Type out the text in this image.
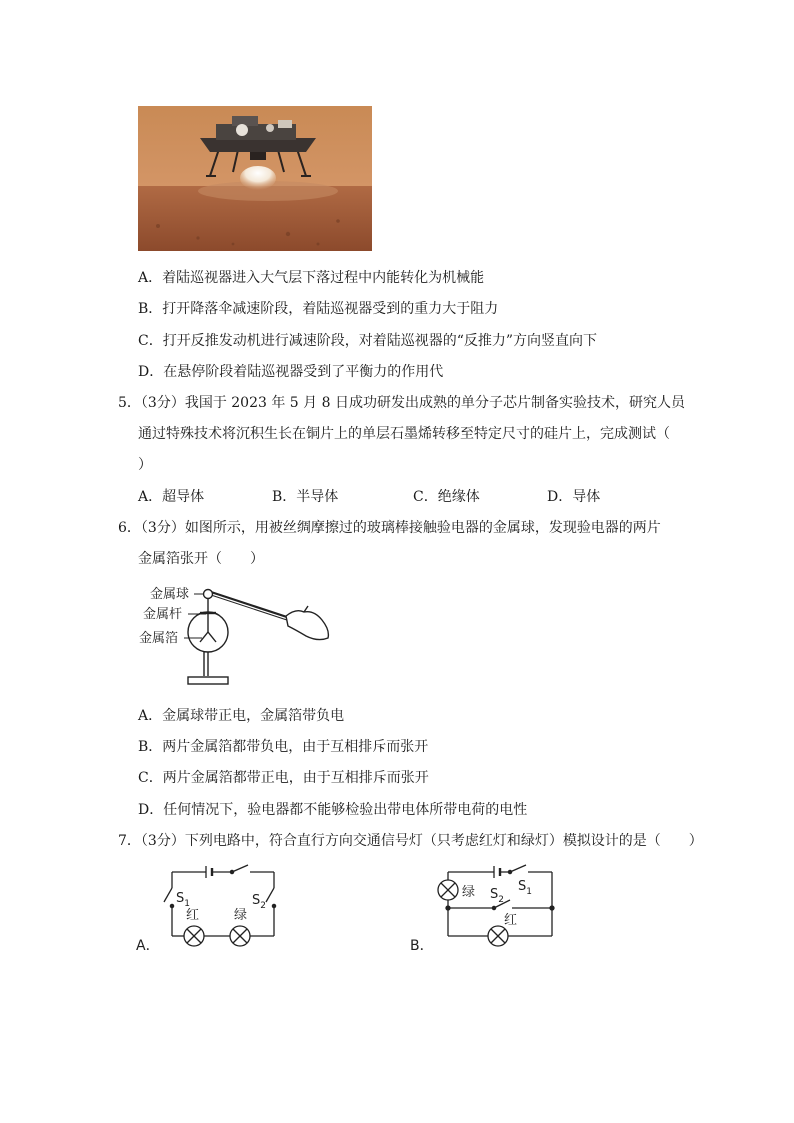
A．着陆巡视器进入大气层下落过程中内能转化为机械能
B．打开降落伞减速阶段，着陆巡视器受到的重力大于阻力
C．打开反推发动机进行减速阶段，对着陆巡视器的“反推力”方向竖直向下
D．在悬停阶段着陆巡视器受到了平衡力的作用代
5．（3分）我国于 2023 年 5 月 8 日成功研发出成熟的单分子芯片制备实验技术，研究人员
通过特殊技术将沉积生长在铜片上的单层石墨烯转移至特定尺寸的硅片上，完成测试（
）
A．超导体	B．半导体	C．绝缘体	D．导体
6．（3分）如图所示，用被丝绸摩擦过的玻璃棒接触验电器的金属球，发现验电器的两片
金属箔张开（　　）
金属球
金属杆
金属箔
A．金属球带正电，金属箔带负电
B．两片金属箔都带负电，由于互相排斥而张开
C．两片金属箔都带正电，由于互相排斥而张开
D．任何情况下，验电器都不能够检验出带电体所带电荷的电性
7．（3分）下列电路中，符合直行方向交通信号灯（只考虑红灯和绿灯）模拟设计的是（　　）
$S_1$	$S_2$
红	绿
A．
绿	$S_1$
$S_2$
红
B．
